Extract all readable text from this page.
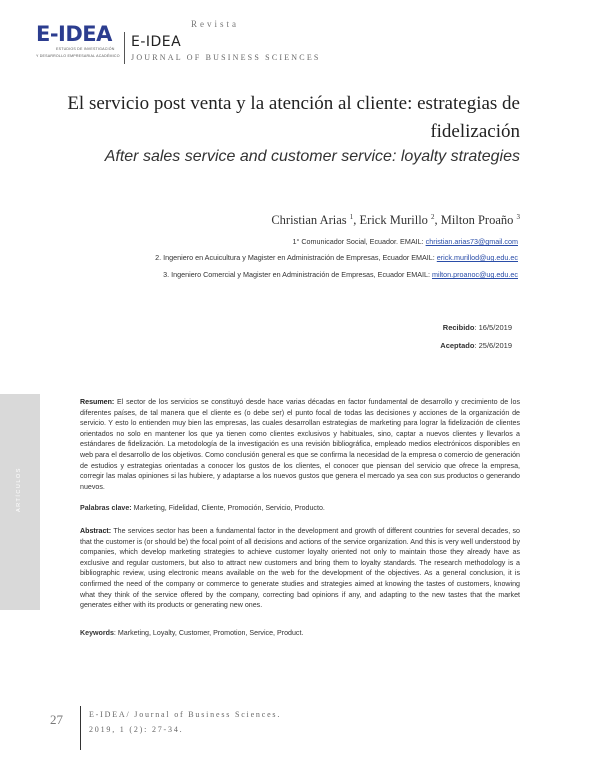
E-IDEA
ESTUDIOS DE INVESTIGACIÓN
Y DESARROLLO EMPRESARIAL ACADÉMICO
Revista
E-IDEA
JOURNAL OF BUSINESS SCIENCES
El servicio post venta y la atención al cliente: estrategias de fidelización
After sales service and customer service: loyalty strategies
Christian Arias $^1$, Erick Murillo $^2$, Milton Proaño $^3$
1° Comunicador Social, Ecuador. EMAIL: christian.arias73@gmail.com
2. Ingeniero en Acuicultura y Magister en Administración de Empresas, Ecuador EMAIL: erick.murillod@ug.edu.ec
3. Ingeniero Comercial y Magister en Administración de Empresas, Ecuador EMAIL: milton.proanoc@ug.edu.ec
Recibido: 16/5/2019
Aceptado: 25/6/2019
ARTÍCULOS
Resumen: El sector de los servicios se constituyó desde hace varias décadas en factor fundamental de desarrollo y crecimiento de los diferentes países, de tal manera que el cliente es (o debe ser) el punto focal de todas las decisiones y acciones de la organización de servicio. Y esto lo entienden muy bien las empresas, las cuales desarrollan estrategias de marketing para lograr la fidelización de clientes orientados no solo en mantener los que ya tienen como clientes exclusivos y habituales, sino, captar a nuevos clientes y llevarlos a estándares de fidelización. La metodología de la investigación es una revisión bibliográfica, empleado medios electrónicos disponibles en web para el desarrollo de los objetivos. Como conclusión general es que se confirma la necesidad de la empresa o comercio de generación de estudios y estrategias orientadas a conocer los gustos de los clientes, el conocer que piensan del servicio que ofrece la empresa, corregir las malas opiniones si las hubiere, y adaptarse a los nuevos gustos que genera el mercado ya sea con sus productos o generando nuevos.
Palabras clave: Marketing, Fidelidad, Cliente, Promoción, Servicio, Producto.
Abstract: The services sector has been a fundamental factor in the development and growth of different countries for several decades, so that the customer is (or should be) the focal point of all decisions and actions of the service organization. And this is very well understood by companies, which develop marketing strategies to achieve customer loyalty oriented not only to maintain those they already have as exclusive and regular customers, but also to attract new customers and bring them to loyalty standards. The research methodology is a bibliographic review, using electronic means available on the web for the development of the objectives. As a general conclusion, it is confirmed the need of the company or commerce to generate studies and strategies aimed at knowing the tastes of customers, knowing what they think of the service offered by the company, correcting bad opinions if any, and adapting to the new tastes that the market generates either with its products or generating new ones.
Keywords: Marketing, Loyalty, Customer, Promotion, Service, Product.
27	E-IDEA/ Journal of Business Sciences.
2019, 1 (2): 27-34.
